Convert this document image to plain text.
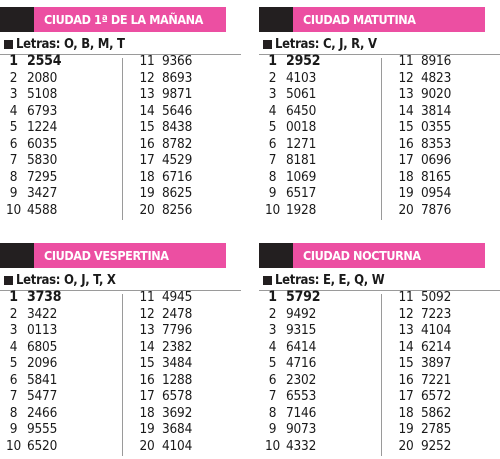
CIUDAD 1ª DE LA MAÑANA
Letras: O, B, M, T
1 2554
2 2080
3 5108
4 6793
5 1224
6 6035
7 5830
8 7295
9 3427
10 4588
11 9366
12 8693
13 9871
14 5646
15 8438
16 8782
17 4529
18 6716
19 8625
20 8256
CIUDAD MATUTINA
Letras: C, J, R, V
1 2952
2 4103
3 5061
4 6450
5 0018
6 1271
7 8181
8 1069
9 6517
10 1928
11 8916
12 4823
13 9020
14 3814
15 0355
16 8353
17 0696
18 8165
19 0954
20 7876
CIUDAD VESPERTINA
Letras: O, J, T, X
1 3738
2 3422
3 0113
4 6805
5 2096
6 5841
7 5477
8 2466
9 9555
10 6520
11 4945
12 2478
13 7796
14 2382
15 3484
16 1288
17 6578
18 3692
19 3684
20 4104
CIUDAD NOCTURNA
Letras: E, E, Q, W
1 5792
2 9492
3 9315
4 6414
5 4716
6 2302
7 6553
8 7146
9 9073
10 4332
11 5092
12 7223
13 4104
14 6214
15 3897
16 7221
17 6572
18 5862
19 2785
20 9252
